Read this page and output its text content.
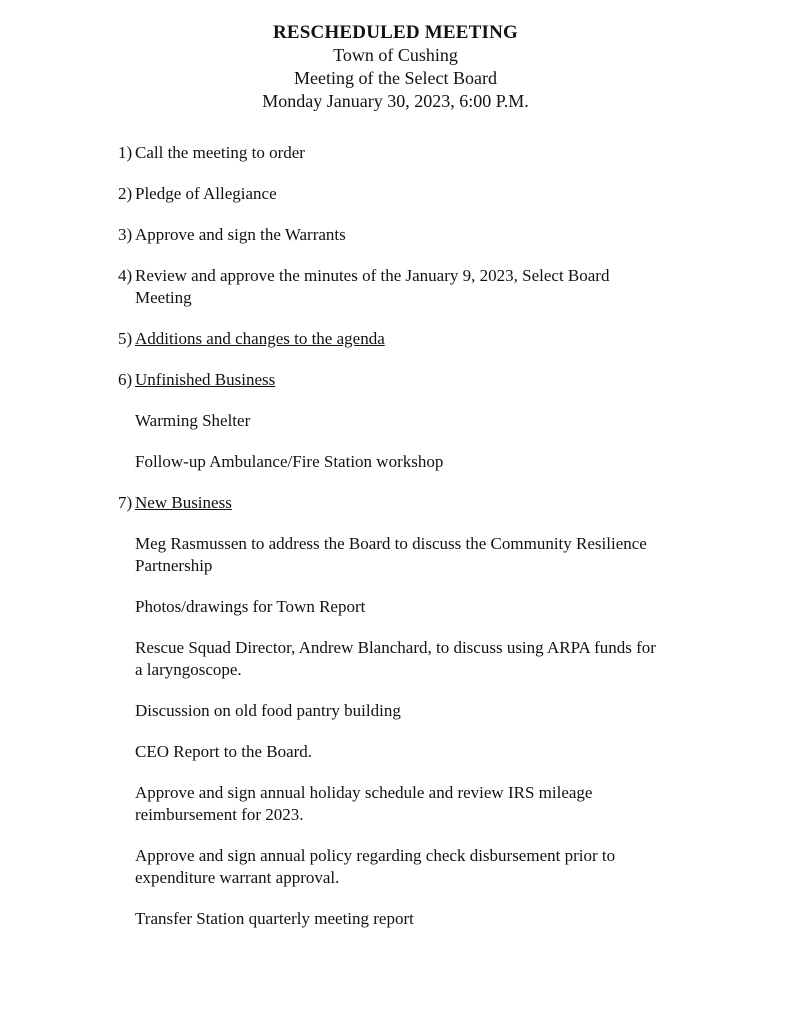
RESCHEDULED MEETING
Town of Cushing
Meeting of the Select Board
Monday January 30, 2023, 6:00 P.M.
1) Call the meeting to order
2) Pledge of Allegiance
3) Approve and sign the Warrants
4) Review and approve the minutes of the January 9, 2023, Select Board Meeting
5) Additions and changes to the agenda
6) Unfinished Business
Warming Shelter
Follow-up Ambulance/Fire Station workshop
7) New Business
Meg Rasmussen to address the Board to discuss the Community Resilience Partnership
Photos/drawings for Town Report
Rescue Squad Director, Andrew Blanchard, to discuss using ARPA funds for a laryngoscope.
Discussion on old food pantry building
CEO Report to the Board.
Approve and sign annual holiday schedule and review IRS mileage reimbursement for 2023.
Approve and sign annual policy regarding check disbursement prior to expenditure warrant approval.
Transfer Station quarterly meeting report
